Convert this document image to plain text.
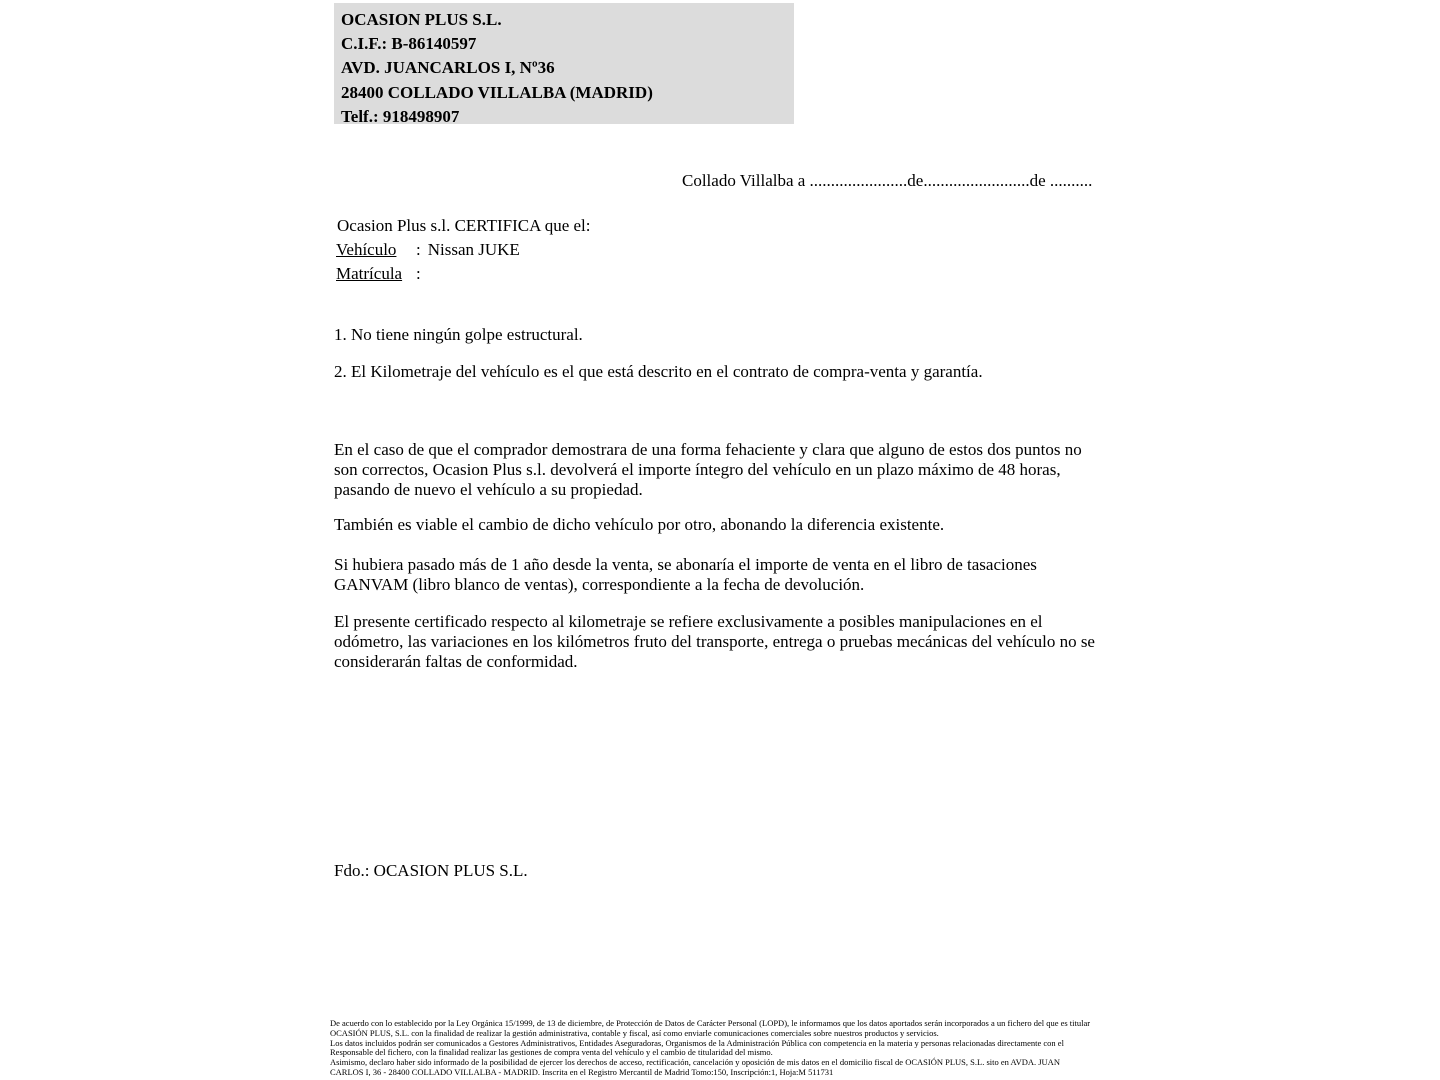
OCASION PLUS S.L.
C.I.F.: B-86140597
AVD. JUANCARLOS I, Nº36
28400 COLLADO VILLALBA (MADRID)
Telf.: 918498907
Collado Villalba a .......................de.........................de ..........
Ocasion Plus s.l. CERTIFICA que el:
Vehículo : Nissan JUKE
Matrícula :
1. No tiene ningún golpe estructural.
2. El Kilometraje del vehículo es el que está descrito en el contrato de compra-venta y garantía.
En el caso de que el comprador demostrara de una forma fehaciente y clara que alguno de estos dos puntos no son correctos, Ocasion Plus s.l. devolverá el importe íntegro del vehículo en un plazo máximo de 48 horas, pasando de nuevo el vehículo a su propiedad.
También es viable el cambio de dicho vehículo por otro, abonando la diferencia existente.
Si hubiera pasado más de 1 año desde la venta, se abonaría el importe de venta en el libro de tasaciones GANVAM (libro blanco de ventas), correspondiente a la fecha de devolución.
El presente certificado respecto al kilometraje se refiere exclusivamente a posibles manipulaciones en el odómetro, las variaciones en los kilómetros fruto del transporte, entrega o pruebas mecánicas del vehículo no se considerarán faltas de conformidad.
Fdo.: OCASION PLUS S.L.
De acuerdo con lo establecido por la Ley Orgánica 15/1999, de 13 de diciembre, de Protección de Datos de Carácter Personal (LOPD), le informamos que los datos aportados serán incorporados a un fichero del que es titular
OCASIÓN PLUS, S.L. con la finalidad de realizar la gestión administrativa, contable y fiscal, así como enviarle comunicaciones comerciales sobre nuestros productos y servicios.
Los datos incluidos podrán ser comunicados a Gestores Administrativos, Entidades Aseguradoras, Organismos de la Administración Pública con competencia en la materia y personas relacionadas directamente con el
Responsable del fichero, con la finalidad realizar las gestiones de compra venta del vehículo y el cambio de titularidad del mismo.
Asimismo, declaro haber sido informado de la posibilidad de ejercer los derechos de acceso, rectificación, cancelación y oposición de mis datos en el domicilio fiscal de OCASIÓN PLUS, S.L. sito en AVDA. JUAN
CARLOS I, 36 - 28400 COLLADO VILLALBA - MADRID. Inscrita en el Registro Mercantil de Madrid Tomo:150, Inscripción:1, Hoja:M 511731
